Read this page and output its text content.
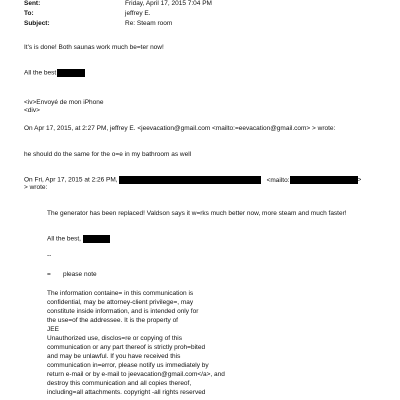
Sent:	Friday, April 17, 2015 7:04 PM
To:	jeffrey E.
Subject:	Re: Steam room
It's is done! Both saunas work much be=ter now!
All the best
<iv>Envoyé de mon iPhone
<div>
On Apr 17, 2015, at 2:27 PM, jeffrey E. <jeevacation@gmail.com <mailto:=eevacation@gmail.com> > wrote:
he should do the same for the o=e in my bathroom as well
On Fri, Apr 17, 2015 at 2:26 PM,	<mailto:	>
> wrote:
The generator has been replaced! Valdson says it w=rks much better now, more steam and much faster!
All the best,
--
= please note
The information containe= in this communication is
confidential, may be attorney-client privilege=, may
constitute inside information, and is intended only for
the use=of the addressee. It is the property of
JEE
Unauthorized use, disclos=re or copying of this
communication or any part thereof is strictly proh=bited
and may be unlawful. If you have received this
communication in=error, please notify us immediately by
return e-mail or by e-mail to jeevacation@gmail.com</a>, and
destroy this communication and all copies thereof,
including=all attachments. copyright -all rights reserved
